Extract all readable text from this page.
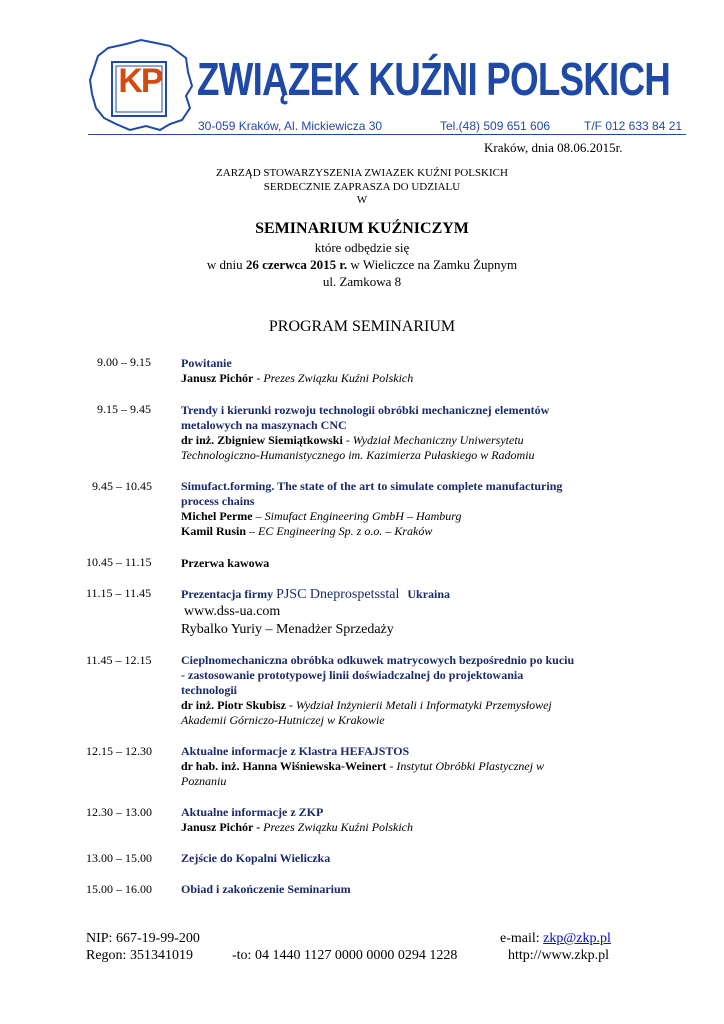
KP ZWIĄZEK KUŹNI POLSKICH
30-059 Kraków, Al. Mickiewicza 30	Tel.(48) 509 651 606	T/F 012 633 84 21
Kraków, dnia 08.06.2015r.
ZARZĄD STOWARZYSZENIA ZWIAZEK KUŹNI POLSKICH
SERDECZNIE ZAPRASZA DO UDZIALU
W
SEMINARIUM KUŹNICZYM
które odbędzie się
w dniu 26 czerwca 2015 r. w Wieliczce na Zamku Żupnym
ul. Zamkowa 8
PROGRAM SEMINARIUM
9.00 – 9.15	Powitanie
Janusz Pichór - Prezes Związku Kuźni Polskich
9.15 – 9.45	Trendy i kierunki rozwoju technologii obróbki mechanicznej elementów
metalowych na maszynach CNC
dr inż. Zbigniew Siemiątkowski - Wydział Mechaniczny Uniwersytetu
Technologiczno-Humanistycznego im. Kazimierza Pułaskiego w Radomiu
9.45 – 10.45 Simufact.forming. The state of the art to simulate complete manufacturing
process chains
Michel Perme – Simufact Engineering GmbH – Hamburg
Kamil Rusin – EC Engineering Sp. z o.o. – Kraków
10.45 – 11.15 Przerwa kawowa
11.15 – 11.45 Prezentacja firmy PJSC Dneprospetsstal Ukraina
www.dss-ua.com
Rybalko Yuriy – Menadżer Sprzedaży
11.45 – 12.15 Cieplnomechaniczna obróbka odkuwek matrycowych bezpośrednio po kuciu
- zastosowanie prototypowej linii doświadczalnej do projektowania
technologii
dr inż. Piotr Skubisz - Wydział Inżynierii Metali i Informatyki Przemysłowej
Akademii Górniczo-Hutniczej w Krakowie
12.15 – 12.30 Aktualne informacje z Klastra HEFAJSTOS
dr hab. inż. Hanna Wiśniewska-Weinert - Instytut Obróbki Plastycznej w
Poznaniu
12.30 – 13.00 Aktualne informacje z ZKP
Janusz Pichór - Prezes Związku Kuźni Polskich
13.00 – 15.00 Zejście do Kopalni Wieliczka
15.00 – 16.00 Obiad i zakończenie Seminarium
NIP: 667-19-99-200
Regon: 351341019	-to: 04 1440 1127 0000 0000 0294 1228
e-mail: zkp@zkp.pl
http://www.zkp.pl
